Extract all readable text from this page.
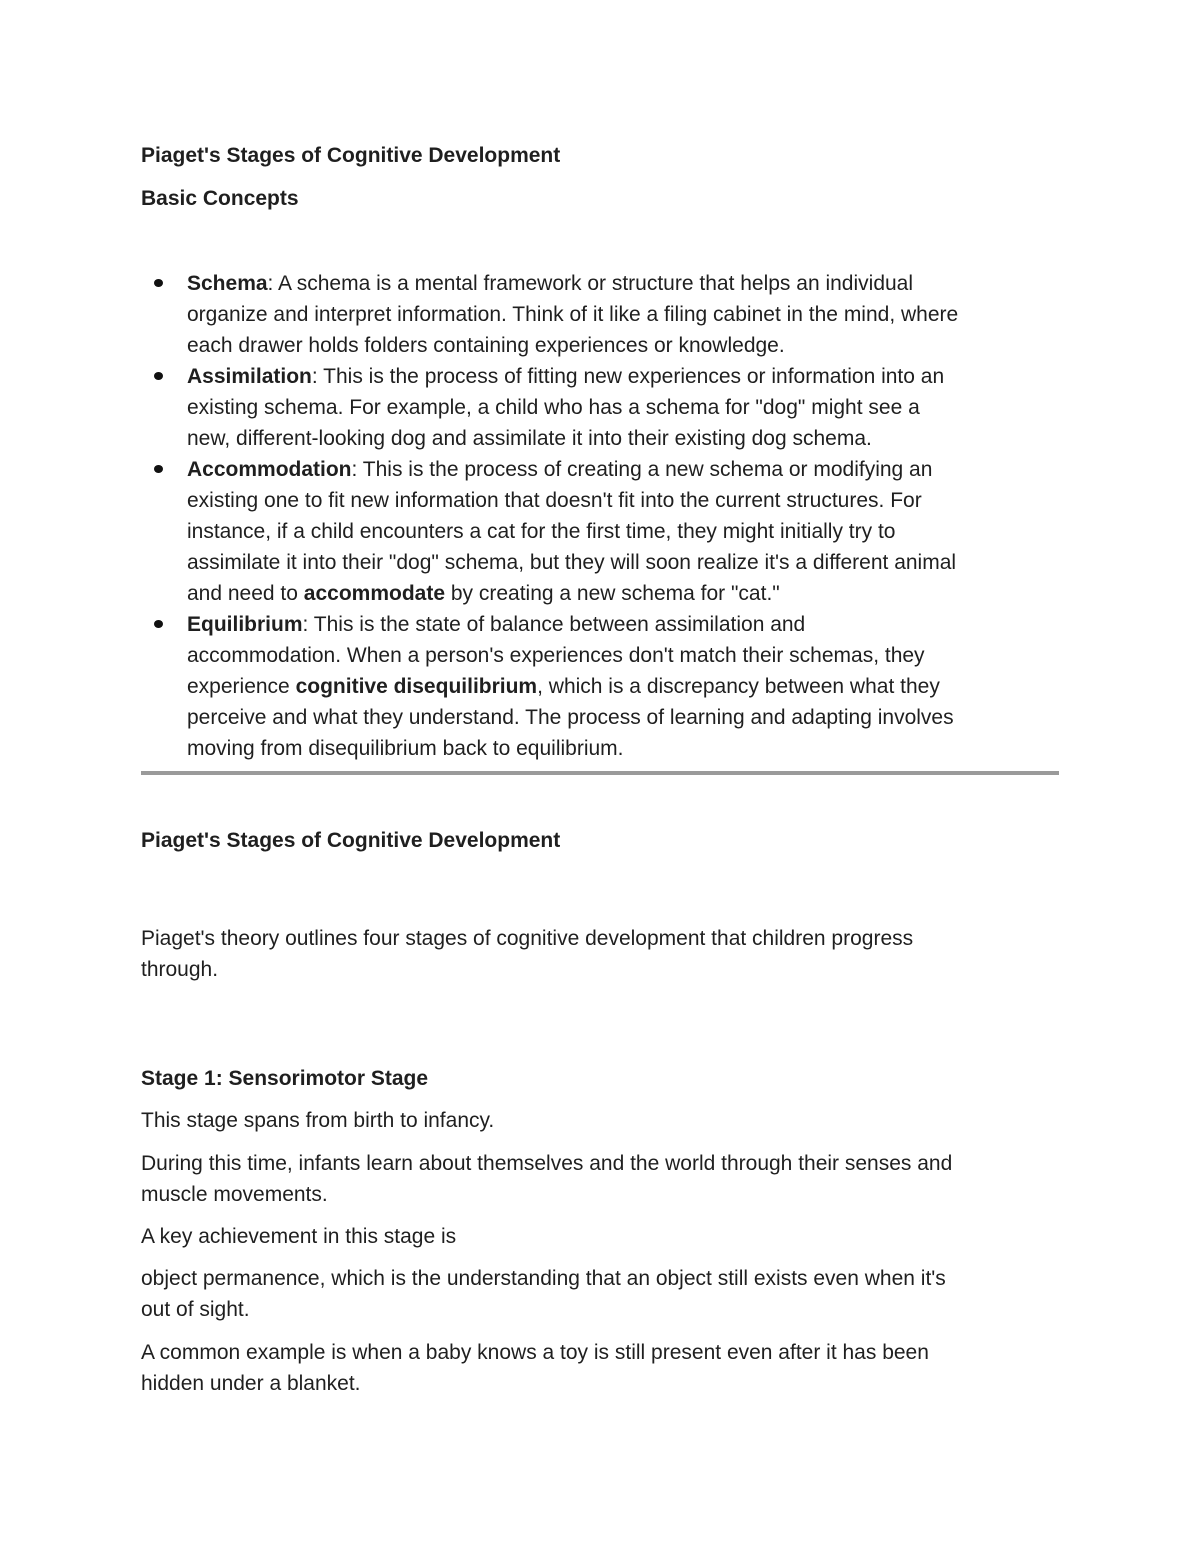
Piaget's Stages of Cognitive Development

Basic Concepts

Schema: A schema is a mental framework or structure that helps an individual
organize and interpret information. Think of it like a filing cabinet in the mind, where
each drawer holds folders containing experiences or knowledge.
Assimilation: This is the process of fitting new experiences or information into an
existing schema. For example, a child who has a schema for "dog" might see a
new, different-looking dog and assimilate it into their existing dog schema.
Accommodation: This is the process of creating a new schema or modifying an
existing one to fit new information that doesn't fit into the current structures. For
instance, if a child encounters a cat for the first time, they might initially try to
assimilate it into their "dog" schema, but they will soon realize it's a different animal
and need to accommodate by creating a new schema for "cat."
Equilibrium: This is the state of balance between assimilation and
accommodation. When a person's experiences don't match their schemas, they
experience cognitive disequilibrium, which is a discrepancy between what they
perceive and what they understand. The process of learning and adapting involves
moving from disequilibrium back to equilibrium.

Piaget's Stages of Cognitive Development

Piaget's theory outlines four stages of cognitive development that children progress

through.

Stage 1: Sensorimotor Stage

This stage spans from birth to infancy.

During this time, infants learn about themselves and the world through their senses and

muscle movements.

A key achievement in this stage is

object permanence, which is the understanding that an object still exists even when it's

out of sight.

A common example is when a baby knows a toy is still present even after it has been

hidden under a blanket.
